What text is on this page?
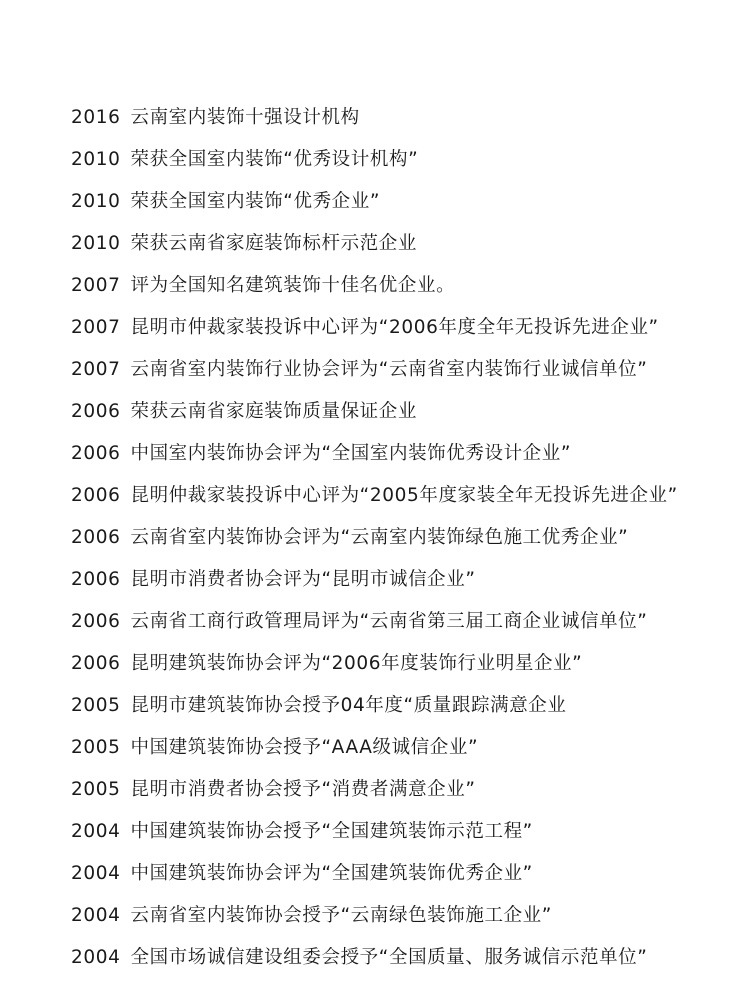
2016 云南室内装饰十强设计机构
2010 荣获全国室内装饰“优秀设计机构”
2010 荣获全国室内装饰“优秀企业”
2010 荣获云南省家庭装饰标杆示范企业
2007 评为全国知名建筑装饰十佳名优企业。
2007 昆明市仲裁家装投诉中心评为“2006年度全年无投诉先进企业”
2007 云南省室内装饰行业协会评为“云南省室内装饰行业诚信单位”
2006 荣获云南省家庭装饰质量保证企业
2006 中国室内装饰协会评为“全国室内装饰优秀设计企业”
2006 昆明仲裁家装投诉中心评为“2005年度家装全年无投诉先进企业”
2006 云南省室内装饰协会评为“云南室内装饰绿色施工优秀企业”
2006 昆明市消费者协会评为“昆明市诚信企业”
2006 云南省工商行政管理局评为“云南省第三届工商企业诚信单位”
2006 昆明建筑装饰协会评为“2006年度装饰行业明星企业”
2005 昆明市建筑装饰协会授予04年度“质量跟踪满意企业
2005 中国建筑装饰协会授予“AAA级诚信企业”
2005 昆明市消费者协会授予“消费者满意企业”
2004 中国建筑装饰协会授予“全国建筑装饰示范工程”
2004 中国建筑装饰协会评为“全国建筑装饰优秀企业”
2004 云南省室内装饰协会授予“云南绿色装饰施工企业”
2004 全国市场诚信建设组委会授予“全国质量、服务诚信示范单位”
